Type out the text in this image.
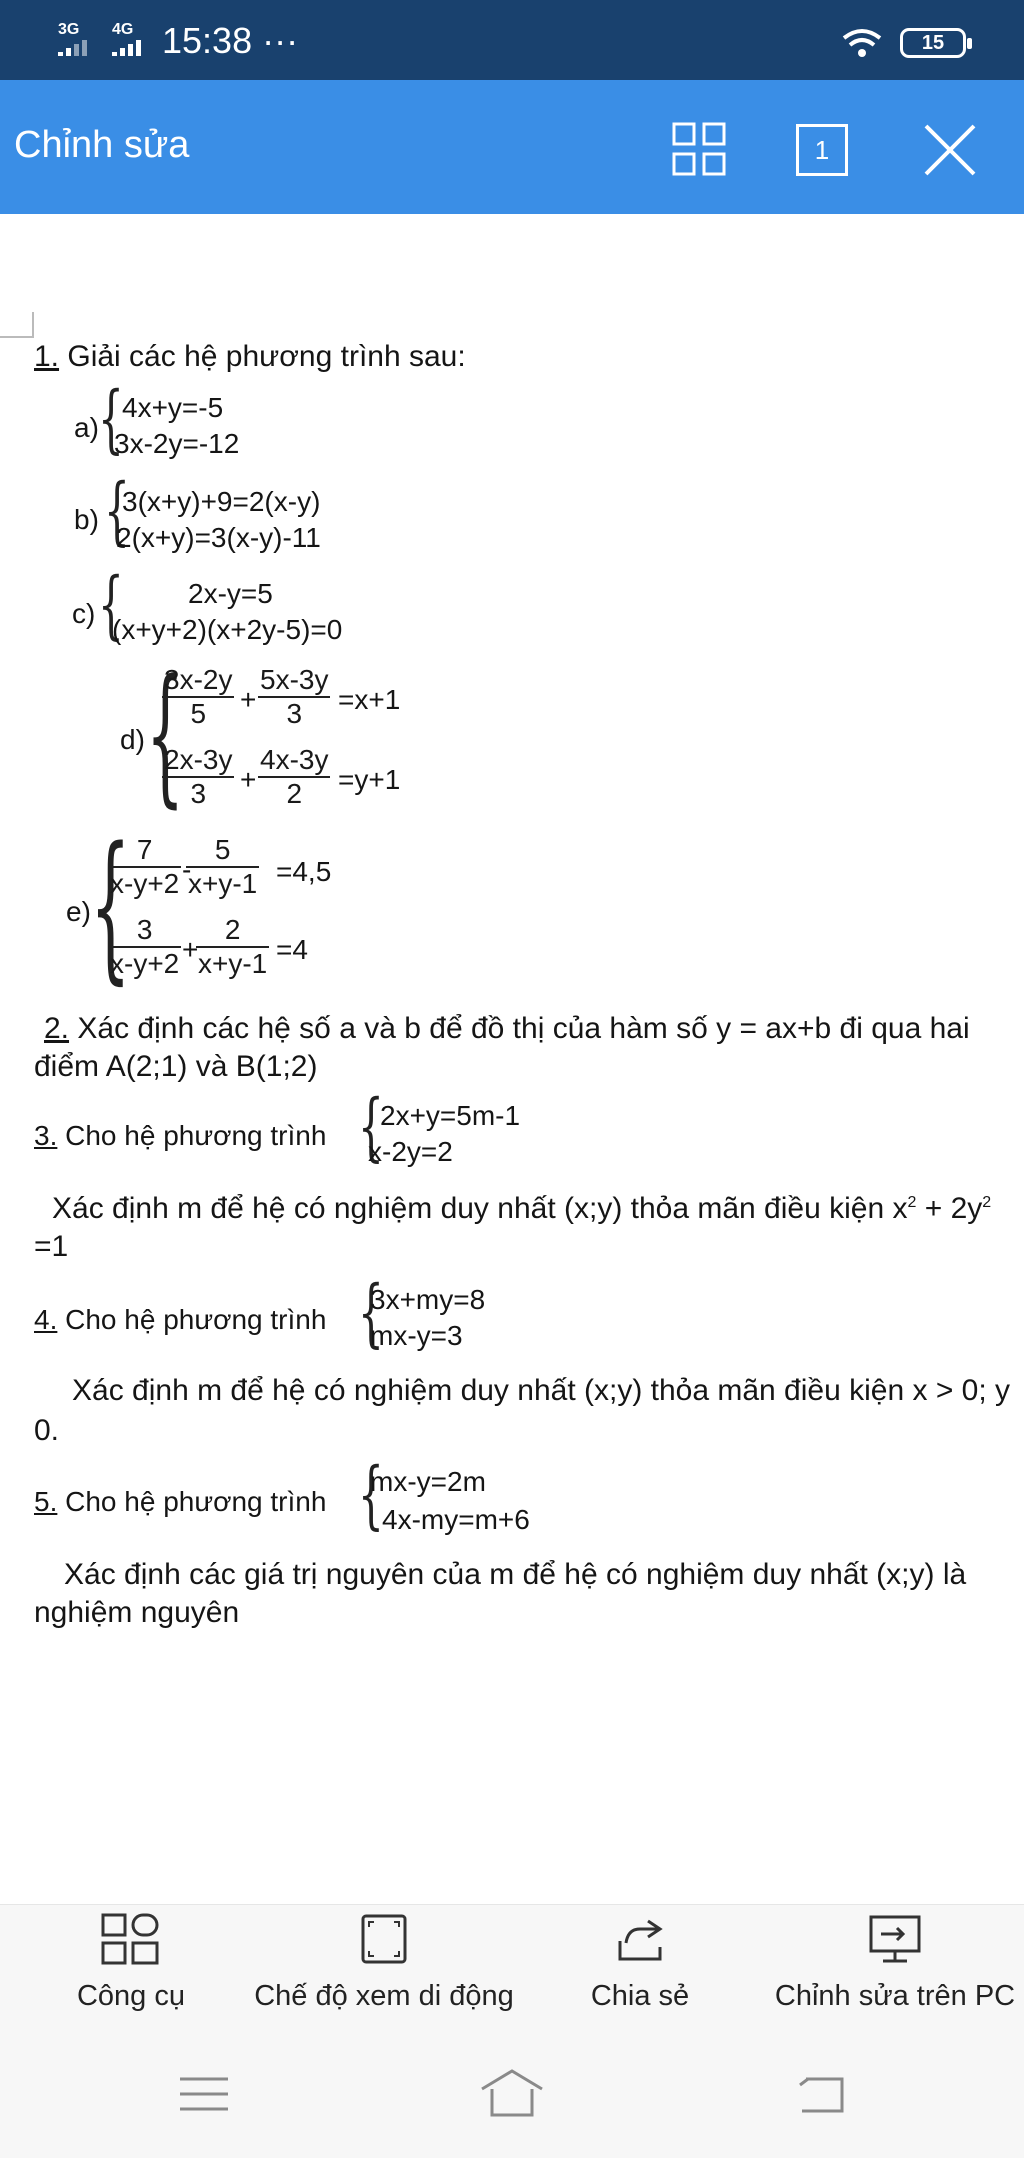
3G 4G 15:38 ···	15
Chỉnh sửa	1
1. Giải các hệ phương trình sau:
a) {
4x+y=-5
3x-2y=-12
b) {
3(x+y)+9=2(x-y)
2(x+y)=3(x-y)-11
c) { 2x-y=5
(x+y+2)(x+2y-5)=0
d) {
$\frac{3x-2y}{5} + \frac{5x-3y}{3} =x+1$
$\frac{2x-3y}{3} + \frac{4x-3y}{2} =y+1$
e) {
$\frac{7}{x-y+2}$ -
$\frac{5}{x+y-1} =4,5$
$\frac{3}{x-y+2}$ +
$\frac{2}{x+y-1} =4$
2. Xác định các hệ số a và b để đồ thị của hàm số y = ax+b đi qua hai
điểm A(2;1) và B(1;2)
3. Cho hệ phương trình {
2x+y=5m-1
x-2y=2
Xác định m để hệ có nghiệm duy nhất (x;y) thỏa mãn điều kiện $x^2 + 2y^2$
=1
4. Cho hệ phương trình {
3x+my=8
mx-y=3
Xác định m để hệ có nghiệm duy nhất (x;y) thỏa mãn điều kiện x > 0; y
0.
5. Cho hệ phương trình {
mx-y=2m
4x-my=m+6
Xác định các giá trị nguyên của m để hệ có nghiệm duy nhất (x;y) là
nghiệm nguyên
Công cụ	Chế độ xem di động	Chia sẻ	Chỉnh sửa trên PC
